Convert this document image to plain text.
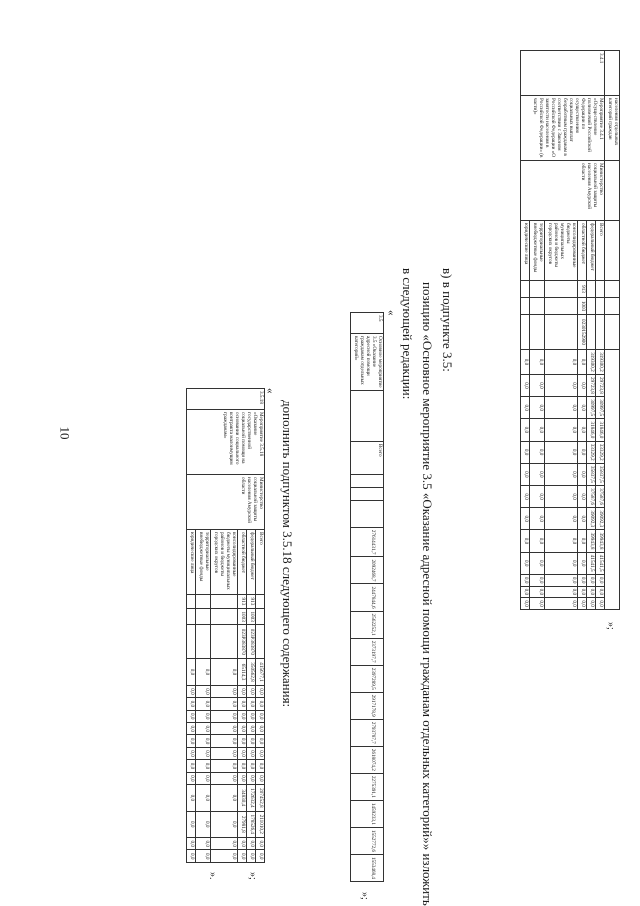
10
	населения отдельных категорий граждан						
3.4.1	Мероприятие 3.4.1 «Осуществление полномочий Российской Федерации по осуществлению социальных выплат безработным гражданам в соответствии с Законом Российской Федерации «О занятости населения в Российской Федерации» (в части)»	Министерство социальной защиты населения Амурской области	Всего				319300,2	29723,8	30997,5	31846,0	33329,2	35837,5	37587,6	39092,3	39943,8	41541,5	0,0	0,0	0,0
			федеральный бюджет				319300,2	29723,8	30997,5	31846,0	33329,2	35837,5	37587,6	39092,3	39943,8	41541,5	0,0	0,0	0,0
			областной бюджет	913	1003	0230152900	0,0	0,0	0,0	0,0	0,0	0,0	0,0	0,0	0,0	0,0	0,0	0,0	0,0
			консолидированные бюджеты муниципальных районов и бюджеты городских округов				0,0	0,0	0,0	0,0	0,0	0,0	0,0	0,0	0,0	0,0	0,0	0,0	0,0
			территориальные внебюджетные фонды				0,0	0,0	0,0	0,0	0,0	0,0	0,0	0,0	0,0	0,0	0,0	0,0	0,0
			юридические лица				0,0	0,0	0,0	0,0	0,0	0,0	0,0	0,0	0,0	0,0	0,0	0,0	0,0
»;
в) в подпункте 3.5:
позицию «Основное мероприятие 3.5 «Оказание адресной помощи гражданам отдельных категорий»» изложить
в следующей редакции:
«
3.5	Основное мероприятие 3.5 «Оказание адресной помощи гражданам отдельных категорий»		Всего				27614431,7	2092468,7	2447844,6	2562252,1	2373197,7	2397289,5	2917178,9	2793787,7	2618074,2	2275391,1	1459233,1	1552772,6	1553468,4
»;
дополнить подпунктом 3.5.18 следующего содержания:
«
3.5.18	Мероприятие 3.5.18 «Оказание государственной социальной помощи на основании социального контракта малоимущим гражданам»	Министерство социальной защиты населения Амурской области	Всего				415677,1	0,0	0,0	0,0	0,0	0,0	0,0	0,0	0,0	207452,8	211010,2	0,0	0,0
			федеральный бюджет	913	1003	023P383870	350562,8	0,0	0,0	0,0	0,0	0,0	0,0	0,0	0,0	172632,4	178526,4	0,0	0,0
			областной бюджет	913	1003	023P383870	65114,3	0,0	0,0	0,0	0,0	0,0	0,0	0,0	0,0	34830,4	27981,8	0,0	0,0
			консолидированные бюджеты муниципальных районов и бюджеты городских округов				0,0	0,0	0,0	0,0	0,0	0,0	0,0	0,0	0,0	0,0	0,0	0,0	0,0
			территориальные внебюджетные фонды				0,0	0,0	0,0	0,0	0,0	0,0	0,0	0,0	0,0	0,0	0,0	0,0	0,0
			юридические лица				0,0	0,0	0,0	0,0	0,0	0,0	0,0	0,0	0,0	0,0	0,0	0,0	0,0
»;
».
